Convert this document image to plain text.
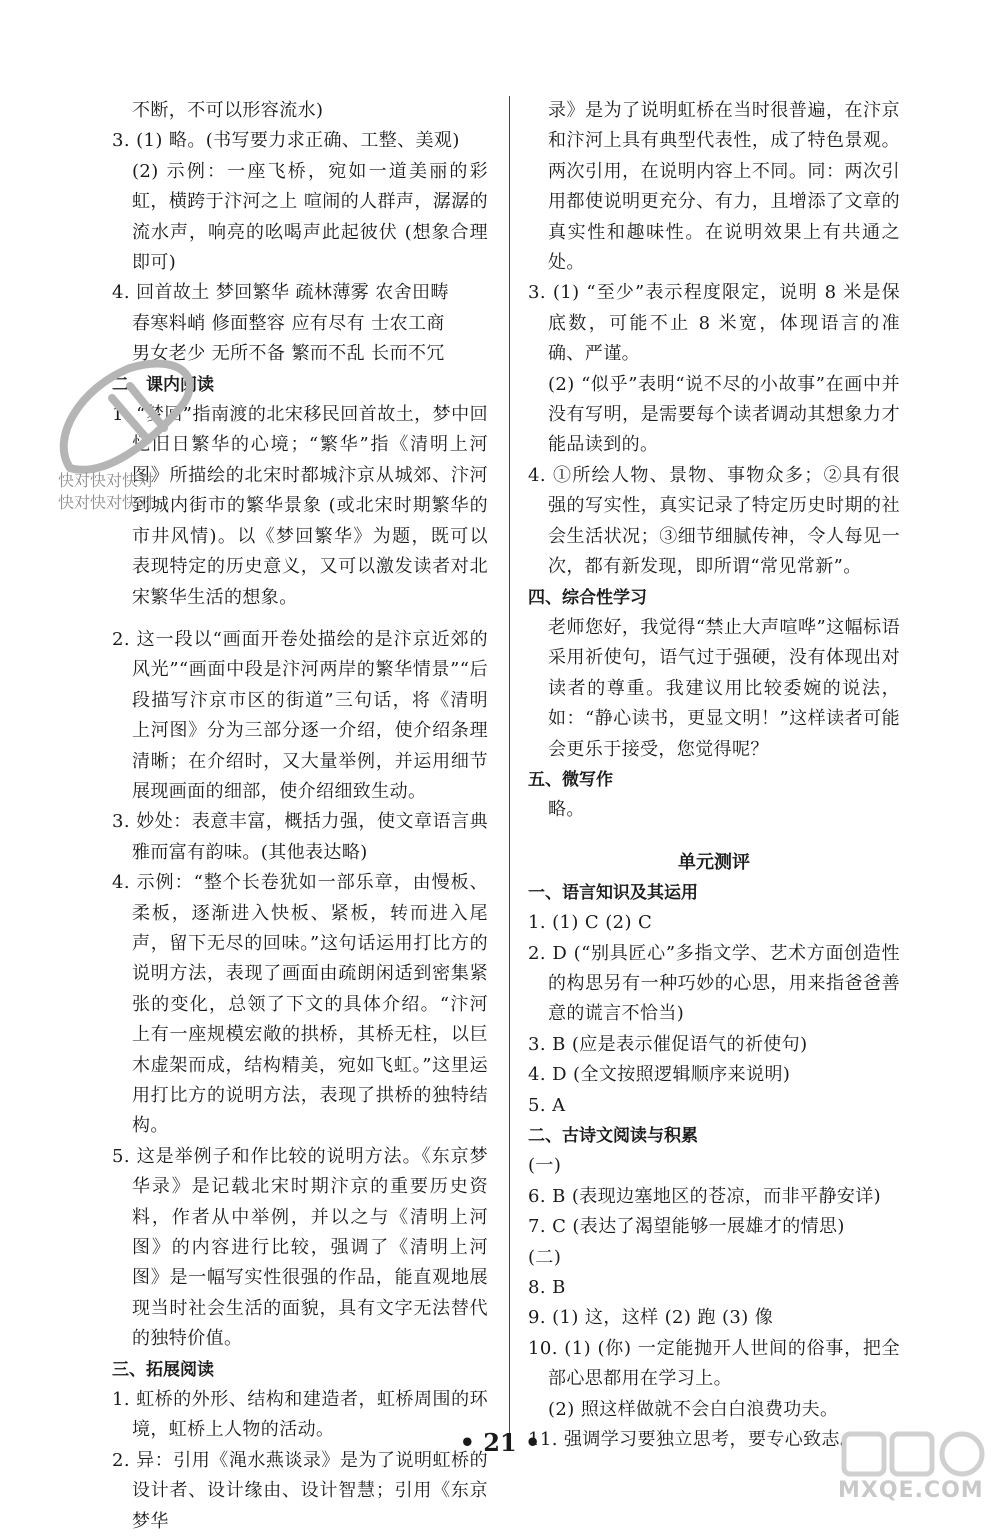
不断，不可以形容流水)
3. (1) 略。(书写要力求正确、工整、美观)
(2) 示例：一座飞桥，宛如一道美丽的彩虹，横跨于汴河之上 喧闹的人群声，潺潺的流水声，响亮的吆喝声此起彼伏 (想象合理即可)
4. 回首故土 梦回繁华 疏林薄雾 农舍田畴
春寒料峭 修面整容 应有尽有 士农工商
男女老少 无所不备 繁而不乱 长而不冗
二、课内阅读
1. “梦回”指南渡的北宋移民回首故土，梦中回忆旧日繁华的心境；“繁华”指《清明上河图》所描绘的北宋时都城汴京从城郊、汴河到城内街市的繁华景象 (或北宋时期繁华的市井风情)。以《梦回繁华》为题，既可以表现特定的历史意义，又可以激发读者对北宋繁华生活的想象。
2. 这一段以“画面开卷处描绘的是汴京近郊的风光”“画面中段是汴河两岸的繁华情景”“后段描写汴京市区的街道”三句话，将《清明上河图》分为三部分逐一介绍，使介绍条理清晰；在介绍时，又大量举例，并运用细节展现画面的细部，使介绍细致生动。
3. 妙处：表意丰富，概括力强，使文章语言典雅而富有韵味。(其他表达略)
4. 示例：“整个长卷犹如一部乐章，由慢板、柔板，逐渐进入快板、紧板，转而进入尾声，留下无尽的回味。”这句话运用打比方的说明方法，表现了画面由疏朗闲适到密集紧张的变化，总领了下文的具体介绍。“汴河上有一座规模宏敞的拱桥，其桥无柱，以巨木虚架而成，结构精美，宛如飞虹。”这里运用打比方的说明方法，表现了拱桥的独特结构。
5. 这是举例子和作比较的说明方法。《东京梦华录》是记载北宋时期汴京的重要历史资料，作者从中举例，并以之与《清明上河图》的内容进行比较，强调了《清明上河图》是一幅写实性很强的作品，能直观地展现当时社会生活的面貌，具有文字无法替代的独特价值。
三、拓展阅读
1. 虹桥的外形、结构和建造者，虹桥周围的环境，虹桥上人物的活动。
2. 异：引用《渑水燕谈录》是为了说明虹桥的设计者、设计缘由、设计智慧；引用《东京梦华
录》是为了说明虹桥在当时很普遍，在汴京和汴河上具有典型代表性，成了特色景观。两次引用，在说明内容上不同。同：两次引用都使说明更充分、有力，且增添了文章的真实性和趣味性。在说明效果上有共通之处。
3. (1) “至少”表示程度限定，说明 8 米是保底数，可能不止 8 米宽，体现语言的准确、严谨。
(2) “似乎”表明“说不尽的小故事”在画中并没有写明，是需要每个读者调动其想象力才能品读到的。
4. ①所绘人物、景物、事物众多；②具有很强的写实性，真实记录了特定历史时期的社会生活状况；③细节细腻传神，令人每见一次，都有新发现，即所谓“常见常新”。
四、综合性学习
老师您好，我觉得“禁止大声喧哗”这幅标语采用祈使句，语气过于强硬，没有体现出对读者的尊重。我建议用比较委婉的说法，如：“静心读书，更显文明！”这样读者可能会更乐于接受，您觉得呢？
五、微写作
略。
单元测评
一、语言知识及其运用
1. (1) C (2) C
2. D (“别具匠心”多指文学、艺术方面创造性的构思另有一种巧妙的心思，用来指爸爸善意的谎言不恰当)
3. B (应是表示催促语气的祈使句)
4. D (全文按照逻辑顺序来说明)
5. A
二、古诗文阅读与积累
(一)
6. B (表现边塞地区的苍凉，而非平静安详)
7. C (表达了渴望能够一展雄才的情思)
(二)
8. B
9. (1) 这，这样 (2) 跑 (3) 像
10. (1) (你) 一定能抛开人世间的俗事，把全部心思都用在学习上。
(2) 照这样做就不会白白浪费功夫。
11. 强调学习要独立思考，要专心致志。
快对快对快对
快对快对快对
• 21 •
MXQE.COM
